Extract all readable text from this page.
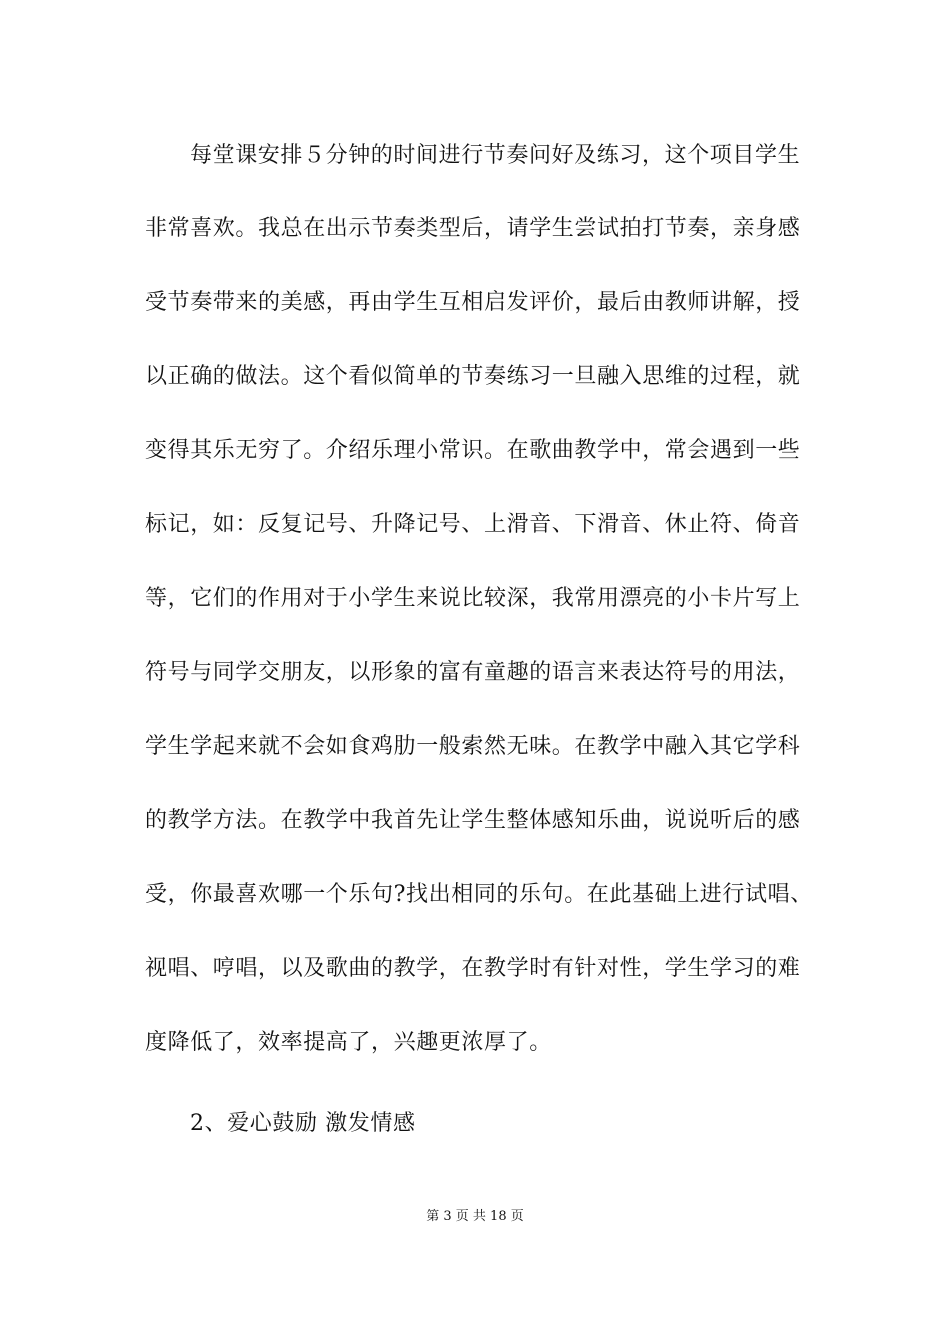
每堂课安排５分钟的时间进行节奏问好及练习，这个项目学生
非常喜欢。我总在出示节奏类型后，请学生尝试拍打节奏，亲身感
受节奏带来的美感，再由学生互相启发评价，最后由教师讲解，授
以正确的做法。这个看似简单的节奏练习一旦融入思维的过程，就
变得其乐无穷了。介绍乐理小常识。在歌曲教学中，常会遇到一些
标记，如：反复记号、升降记号、上滑音、下滑音、休止符、倚音
等，它们的作用对于小学生来说比较深，我常用漂亮的小卡片写上
符号与同学交朋友，以形象的富有童趣的语言来表达符号的用法，
学生学起来就不会如食鸡肋一般索然无味。在教学中融入其它学科
的教学方法。在教学中我首先让学生整体感知乐曲，说说听后的感
受，你最喜欢哪一个乐句?找出相同的乐句。在此基础上进行试唱、
视唱、哼唱，以及歌曲的教学，在教学时有针对性，学生学习的难
度降低了，效率提高了，兴趣更浓厚了。
2、爱心鼓励 激发情感
第 3 页 共 18 页
